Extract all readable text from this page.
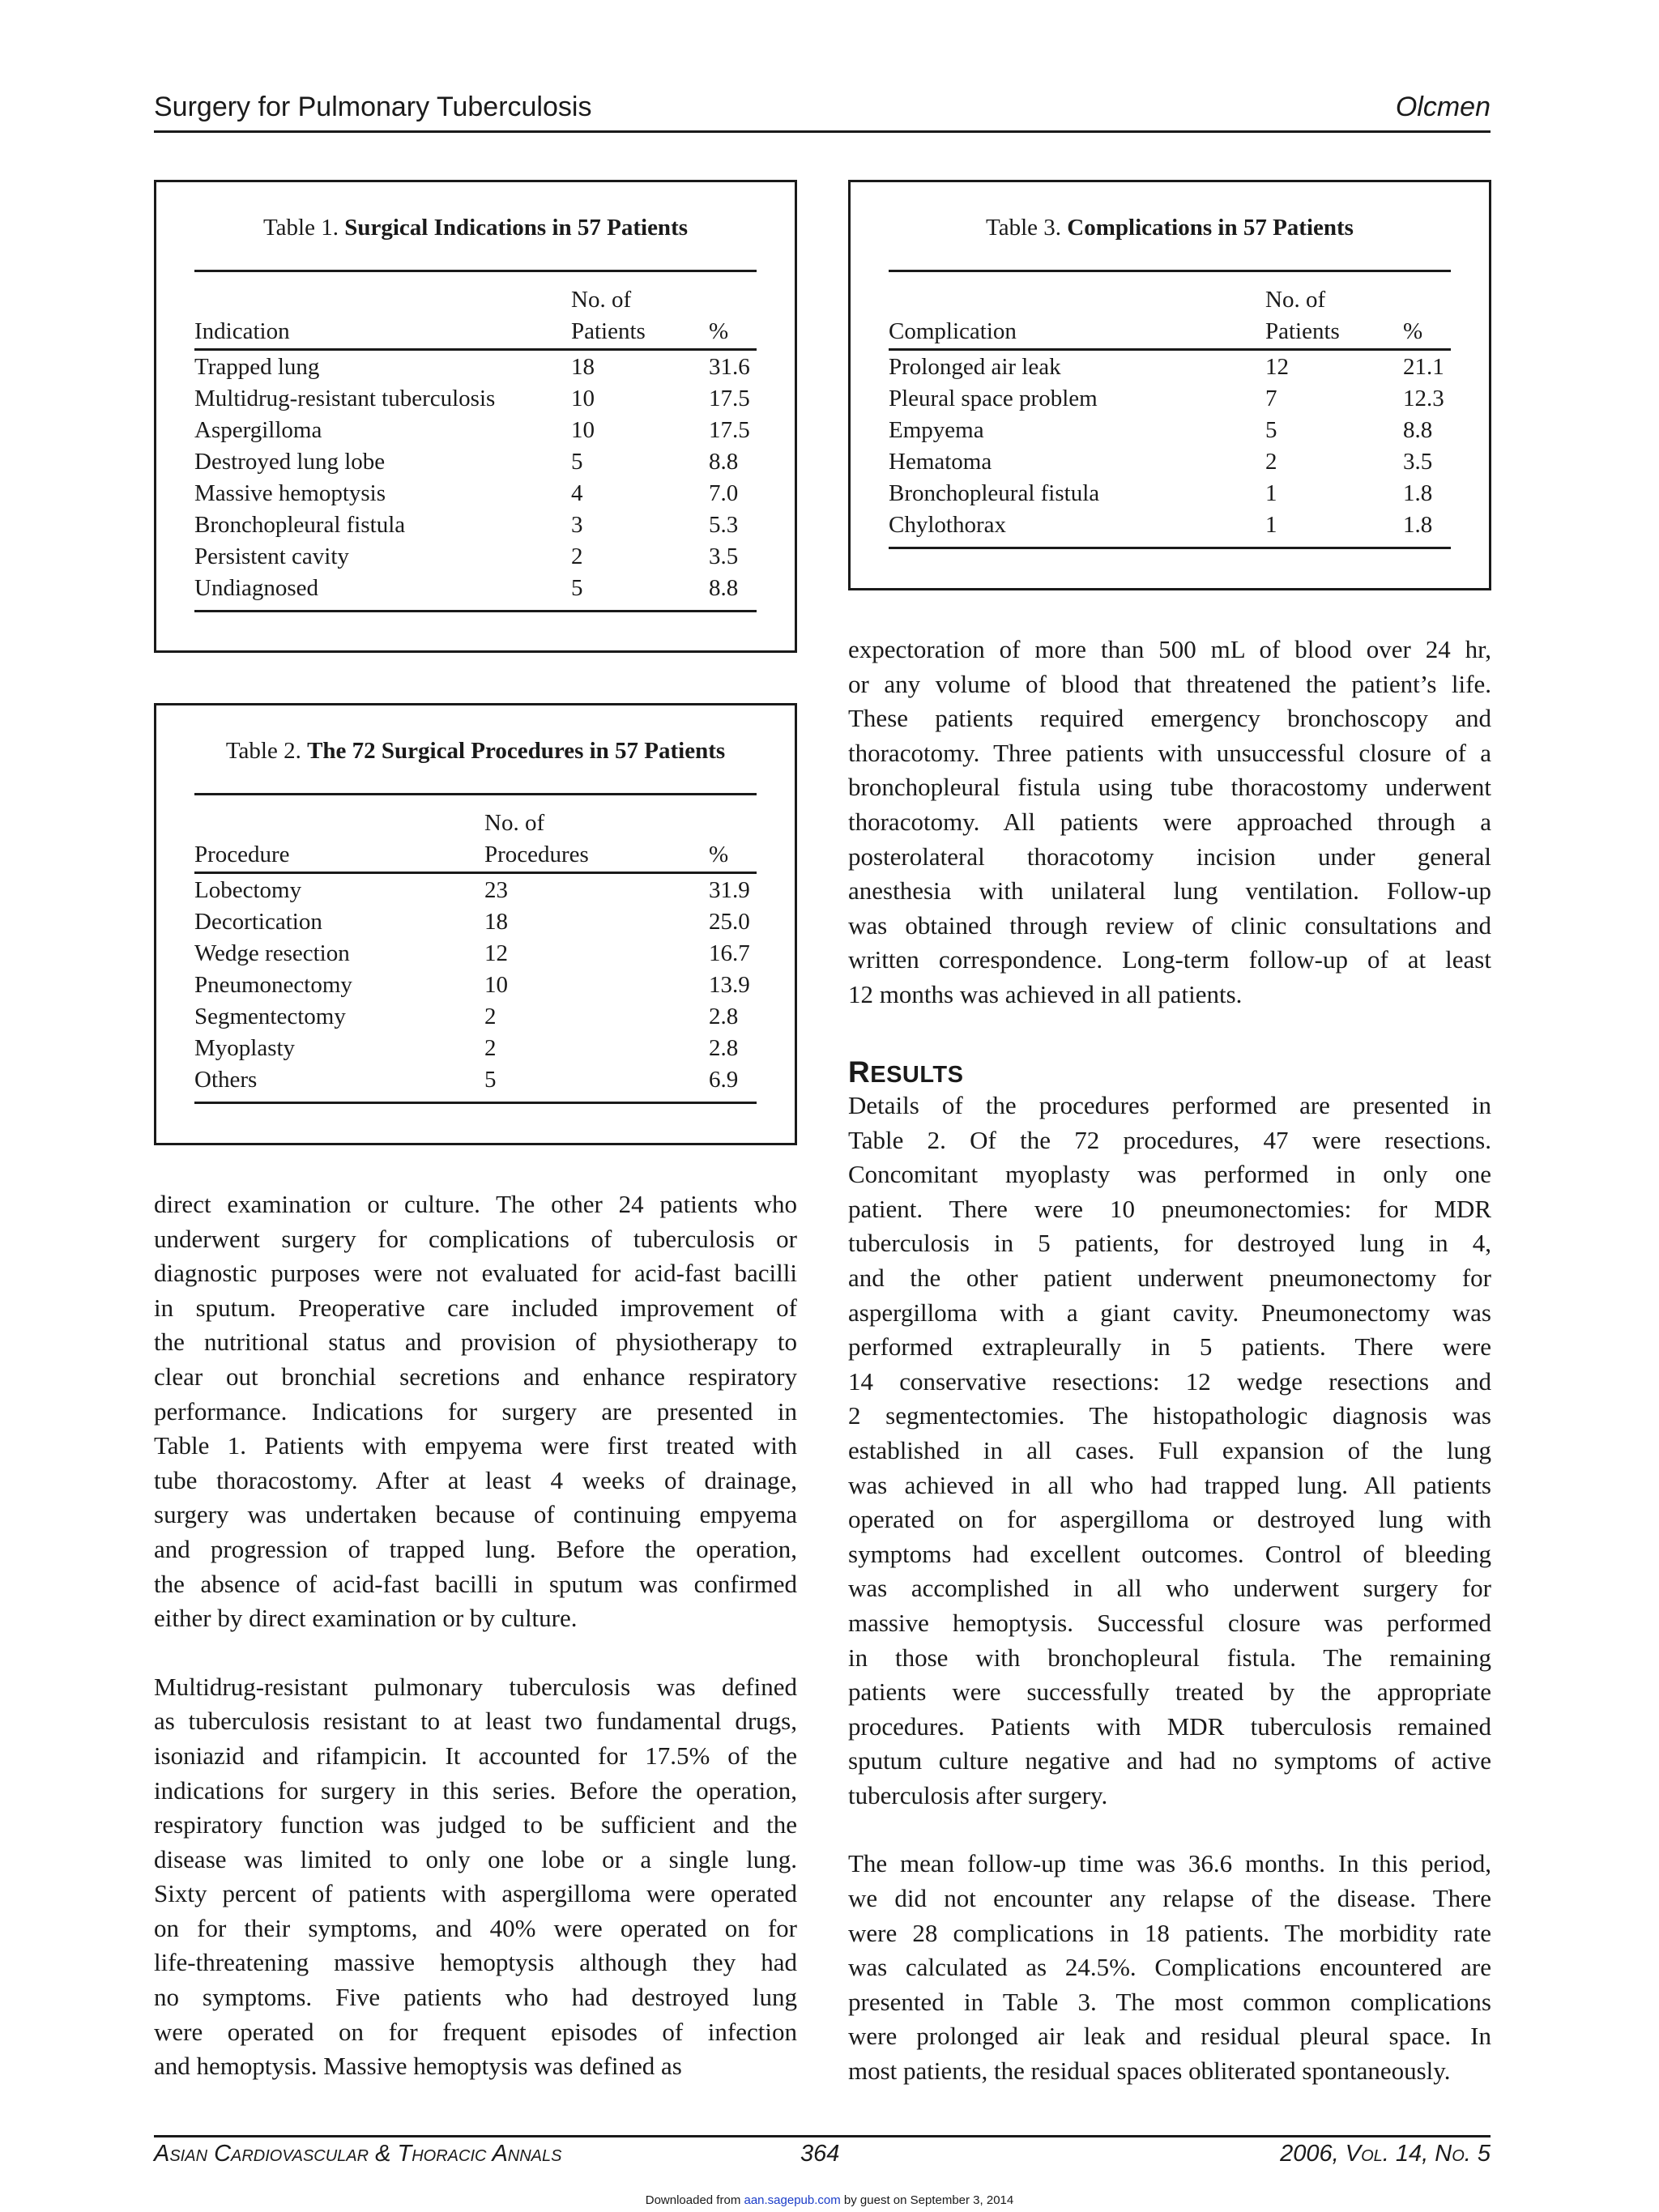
Surgery for Pulmonary Tuberculosis	Olcmen
Table 1. Surgical Indications in 57 Patients

	No. of	
Indication	Patients	%

Trapped lung	18	31.6
Multidrug-resistant tuberculosis	10	17.5
Aspergilloma	10	17.5
Destroyed lung lobe	5	8.8
Massive hemoptysis	4	7.0
Bronchopleural fistula	3	5.3
Persistent cavity	2	3.5
Undiagnosed	5	8.8

Table 2. The 72 Surgical Procedures in 57 Patients

	No. of	
Procedure	Procedures	%

Lobectomy	23	31.9
Decortication	18	25.0
Wedge resection	12	16.7
Pneumonectomy	10	13.9
Segmentectomy	2	2.8
Myoplasty	2	2.8
Others	5	6.9

Table 3. Complications in 57 Patients

	No. of	
Complication	Patients	%

Prolonged air leak	12	21.1
Pleural space problem	7	12.3
Empyema	5	8.8
Hematoma	2	3.5
Bronchopleural fistula	1	1.8
Chylothorax	1	1.8

direct examination or culture. The other 24 patients who

underwent surgery for complications of tuberculosis or

diagnostic purposes were not evaluated for acid-fast bacilli

in sputum. Preoperative care included improvement of

the nutritional status and provision of physiotherapy to

clear out bronchial secretions and enhance respiratory

performance. Indications for surgery are presented in

Table 1. Patients with empyema were first treated with

tube thoracostomy. After at least 4 weeks of drainage,

surgery was undertaken because of continuing empyema

and progression of trapped lung. Before the operation,

the absence of acid-fast bacilli in sputum was confirmed

either by direct examination or by culture.

Multidrug-resistant pulmonary tuberculosis was defined

as tuberculosis resistant to at least two fundamental drugs,

isoniazid and rifampicin. It accounted for 17.5% of the

indications for surgery in this series. Before the operation,

respiratory function was judged to be sufficient and the

disease was limited to only one lobe or a single lung.

Sixty percent of patients with aspergilloma were operated

on for their symptoms, and 40% were operated on for

life-threatening massive hemoptysis although they had

no symptoms. Five patients who had destroyed lung

were operated on for frequent episodes of infection

and hemoptysis. Massive hemoptysis was defined as

expectoration of more than 500 mL of blood over 24 hr,

or any volume of blood that threatened the patient’s life.

These patients required emergency bronchoscopy and

thoracotomy. Three patients with unsuccessful closure of a

bronchopleural fistula using tube thoracostomy underwent

thoracotomy. All patients were approached through a

posterolateral thoracotomy incision under general

anesthesia with unilateral lung ventilation. Follow-up

was obtained through review of clinic consultations and

written correspondence. Long-term follow-up of at least

12 months was achieved in all patients.

RESULTS

Details of the procedures performed are presented in

Table 2. Of the 72 procedures, 47 were resections.

Concomitant myoplasty was performed in only one

patient. There were 10 pneumonectomies: for MDR

tuberculosis in 5 patients, for destroyed lung in 4,

and the other patient underwent pneumonectomy for

aspergilloma with a giant cavity. Pneumonectomy was

performed extrapleurally in 5 patients. There were

14 conservative resections: 12 wedge resections and

2 segmentectomies. The histopathologic diagnosis was

established in all cases. Full expansion of the lung

was achieved in all who had trapped lung. All patients

operated on for aspergilloma or destroyed lung with

symptoms had excellent outcomes. Control of bleeding

was accomplished in all who underwent surgery for

massive hemoptysis. Successful closure was performed

in those with bronchopleural fistula. The remaining

patients were successfully treated by the appropriate

procedures. Patients with MDR tuberculosis remained

sputum culture negative and had no symptoms of active

tuberculosis after surgery.

The mean follow-up time was 36.6 months. In this period,

we did not encounter any relapse of the disease. There

were 28 complications in 18 patients. The morbidity rate

was calculated as 24.5%. Complications encountered are

presented in Table 3. The most common complications

were prolonged air leak and residual pleural space. In

most patients, the residual spaces obliterated spontaneously.

Asian Cardiovascular & Thoracic Annals	364	2006, Vol. 14, No. 5
Downloaded from aan.sagepub.com by guest on September 3, 2014
